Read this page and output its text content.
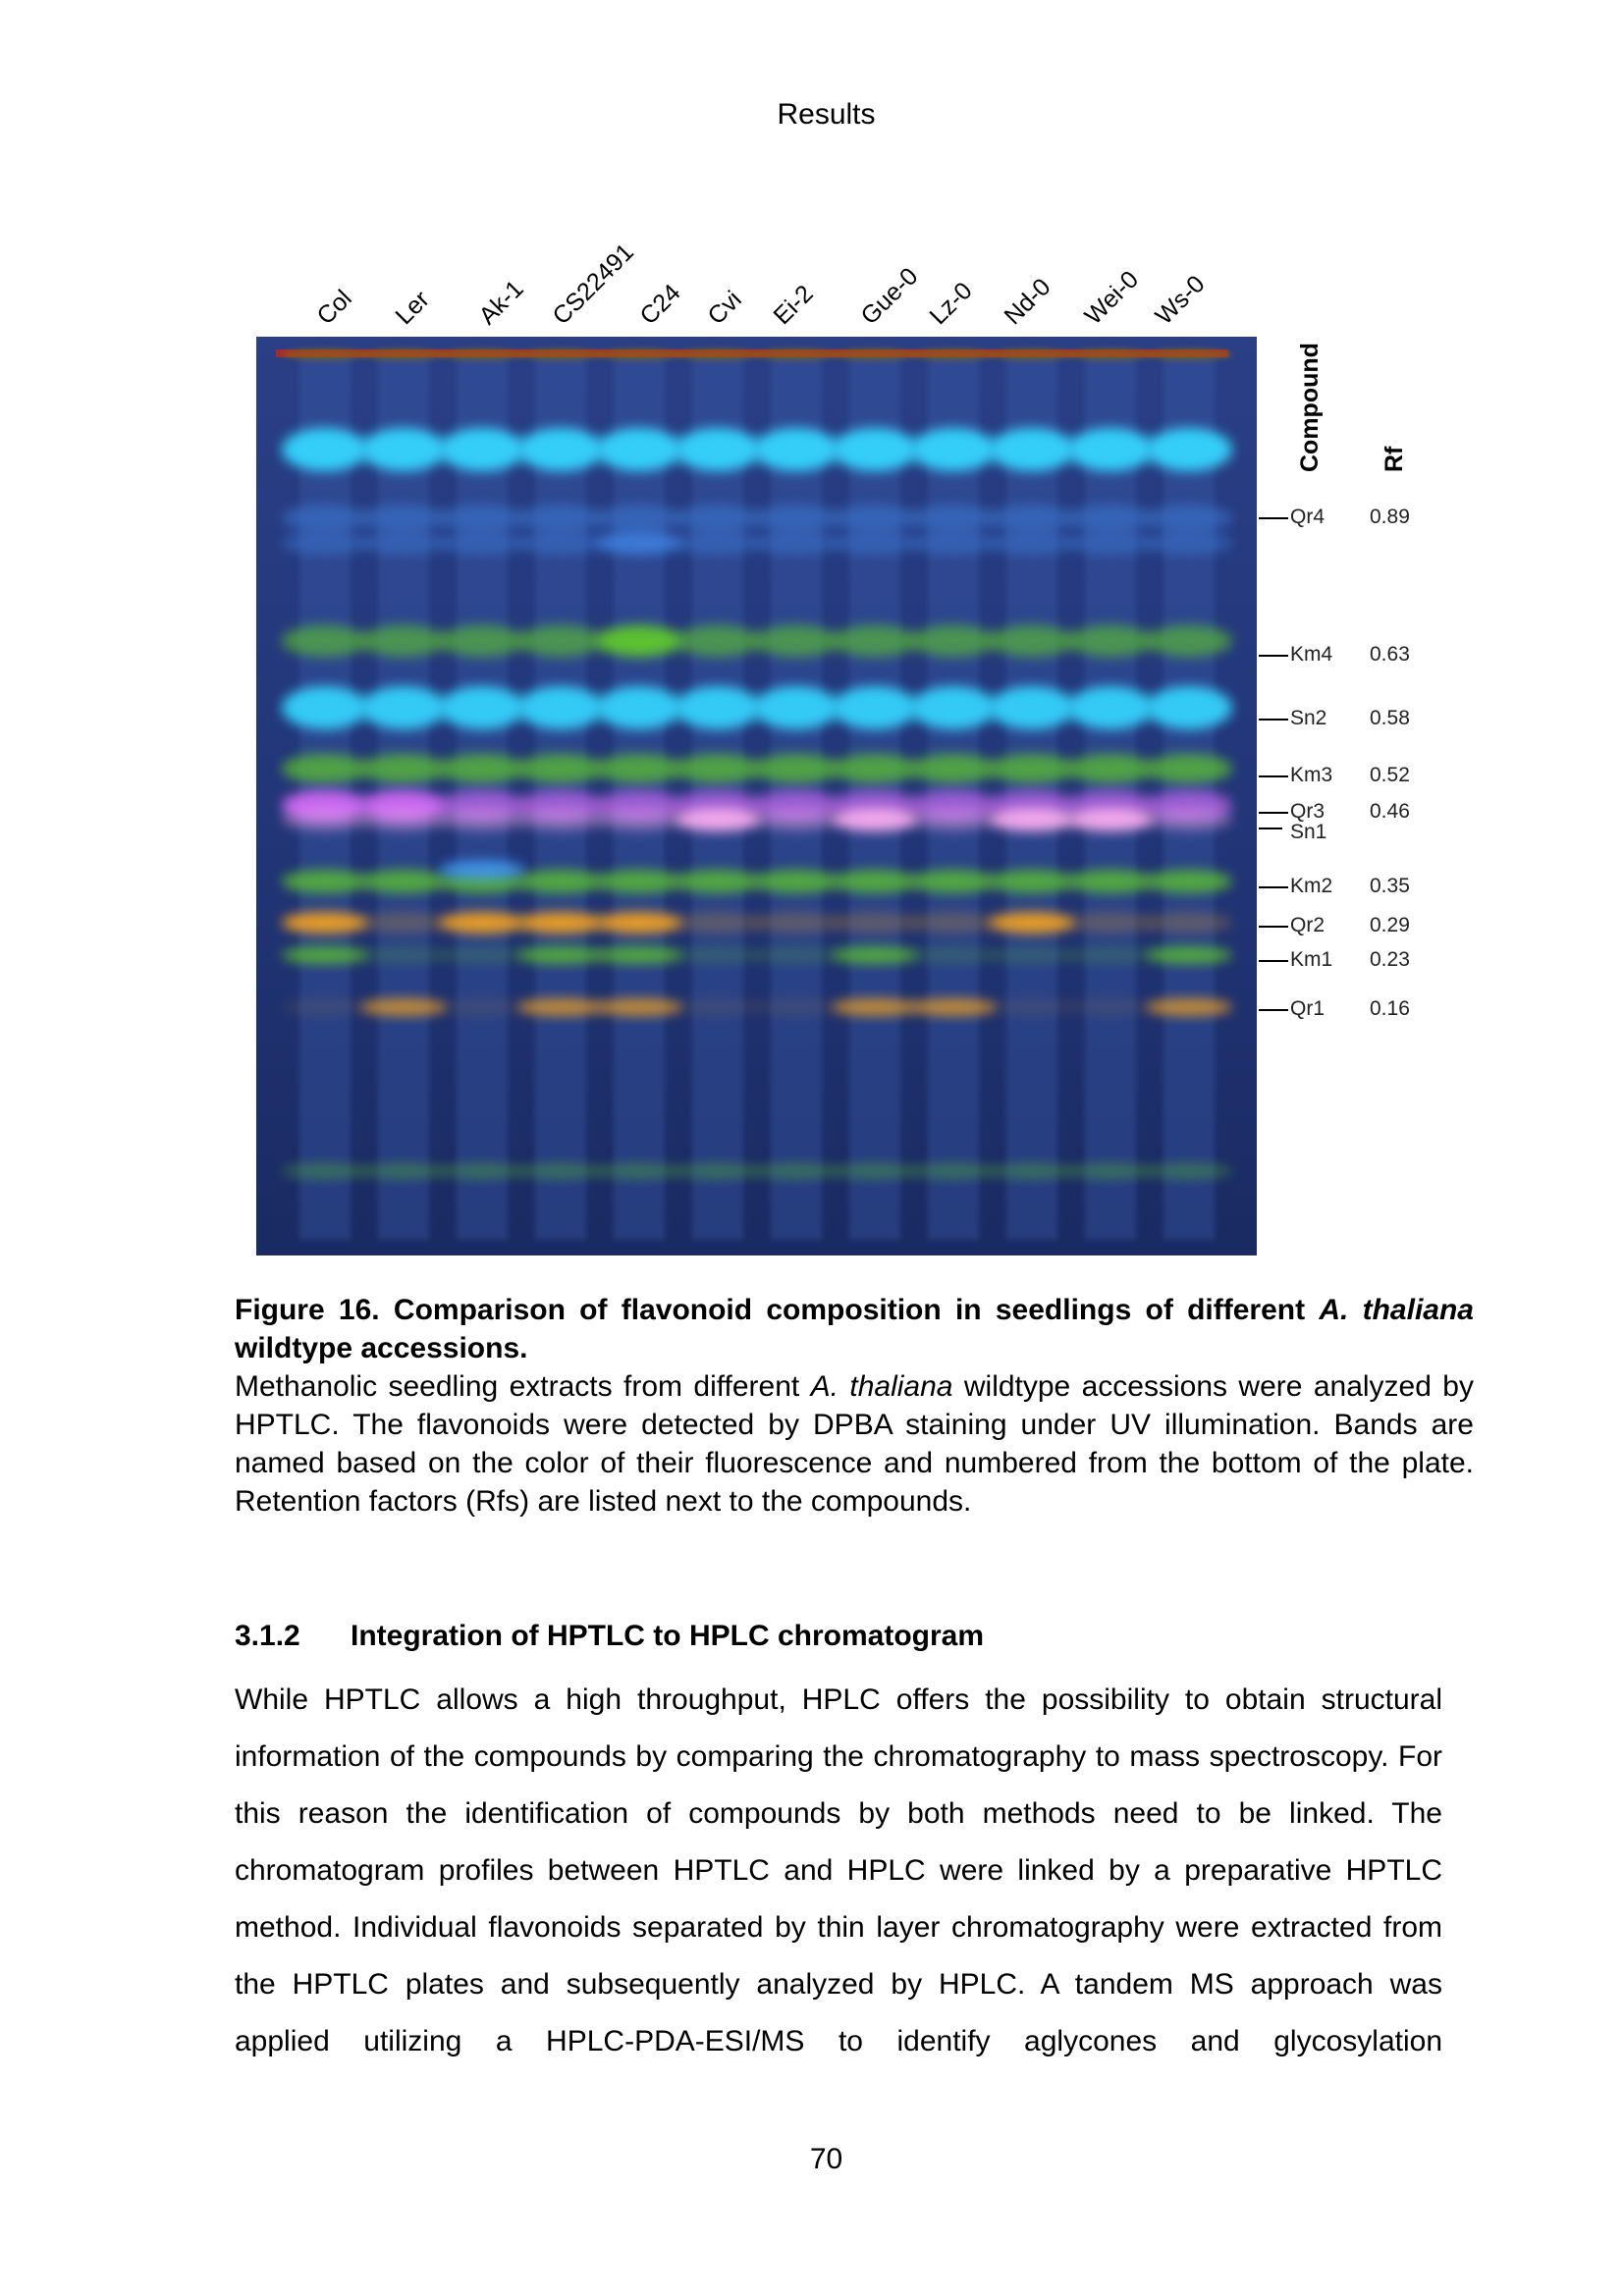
Results
Col Ler Ak-1 CS22491
C24 Cvi Ei-2 Gue-0 Lz-0 Nd-0 Wei-0 Ws-0
Compound Rf
Qr4 0.89
Km4 0.63
Sn2 0.58
Km3 0.52
Qr3 0.46
Sn1
Km2 0.35
Qr2 0.29
Km1 0.23
Qr1 0.16
Figure 16. Comparison of flavonoid composition in seedlings of different A. thaliana wildtype accessions.
Methanolic seedling extracts from different A. thaliana wildtype accessions were analyzed by HPTLC. The flavonoids were detected by DPBA staining under UV illumination. Bands are named based on the color of their fluorescence and numbered from the bottom of the plate. Retention factors (Rfs) are listed next to the compounds.
3.1.2 Integration of HPTLC to HPLC chromatogram
While HPTLC allows a high throughput, HPLC offers the possibility to obtain structural information of the compounds by comparing the chromatography to mass spectroscopy. For this reason the identification of compounds by both methods need to be linked. The chromatogram profiles between HPTLC and HPLC were linked by a preparative HPTLC method. Individual flavonoids separated by thin layer chromatography were extracted from the HPTLC plates and subsequently analyzed by HPLC. A tandem MS approach was applied utilizing a HPLC-PDA-ESI/MS to identify aglycones and glycosylation
70
